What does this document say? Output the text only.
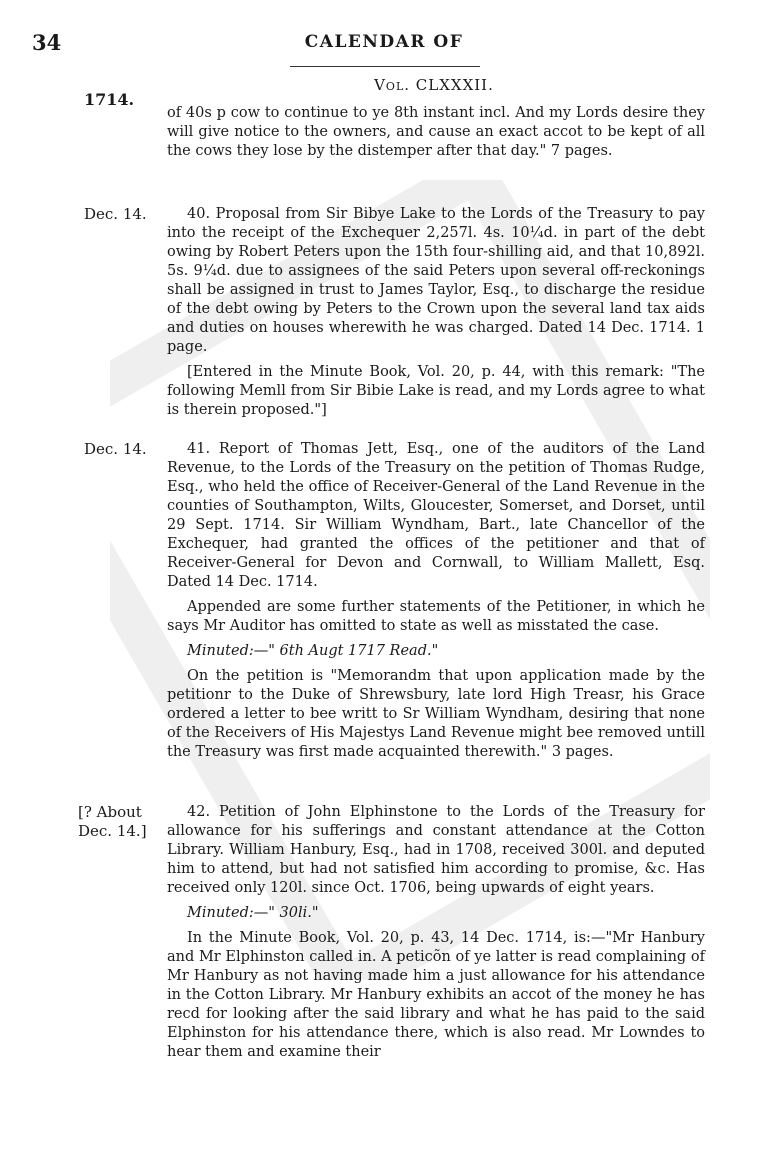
34	CALENDAR OF
Vol. CLXXXII.
1714.

of 40s p cow to continue to ye 8th instant incl. And my Lords desire they will give notice to the owners, and cause an exact accot to be kept of all the cows they lose by the distemper after that day." 7 pages.

Dec. 14.	40. Proposal from Sir Bibye Lake to the Lords of the Treasury to pay into the receipt of the Exchequer 2,257l. 4s. 10¼d. in part of the debt owing by Robert Peters upon the 15th four-shilling aid, and that 10,892l. 5s. 9¼d. due to assignees of the said Peters upon several off-reckonings shall be assigned in trust to James Taylor, Esq., to discharge the residue of the debt owing by Peters to the Crown upon the several land tax aids and duties on houses wherewith he was charged. Dated 14 Dec. 1714. 1 page.

[Entered in the Minute Book, Vol. 20, p. 44, with this remark: "The following Memll from Sir Bibie Lake is read, and my Lords agree to what is therein proposed."]

Dec. 14.	41. Report of Thomas Jett, Esq., one of the auditors of the Land Revenue, to the Lords of the Treasury on the petition of Thomas Rudge, Esq., who held the office of Receiver-General of the Land Revenue in the counties of Southampton, Wilts, Gloucester, Somerset, and Dorset, until 29 Sept. 1714. Sir William Wyndham, Bart., late Chancellor of the Exchequer, had granted the offices of the petitioner and that of Receiver-General for Devon and Cornwall, to William Mallett, Esq. Dated 14 Dec. 1714.

Appended are some further statements of the Petitioner, in which he says Mr Auditor has omitted to state as well as misstated the case.

Minuted:—" 6th Augt 1717 Read."

On the petition is "Memorandm that upon application made by the petitionr to the Duke of Shrewsbury, late lord High Treasr, his Grace ordered a letter to bee writt to Sr William Wyndham, desiring that none of the Receivers of His Majestys Land Revenue might bee removed untill the Treasury was first made acquainted therewith." 3 pages.

[? About Dec. 14.]

42. Petition of John Elphinstone to the Lords of the Treasury for allowance for his sufferings and constant attendance at the Cotton Library. William Hanbury, Esq., had in 1708, received 300l. and deputed him to attend, but had not satisfied him according to promise, &c. Has received only 120l. since Oct. 1706, being upwards of eight years.

Minuted:—" 30li."

In the Minute Book, Vol. 20, p. 43, 14 Dec. 1714, is:—"Mr Hanbury and Mr Elphinston called in. A peticõn of ye latter is read complaining of Mr Hanbury as not having made him a just allowance for his attendance in the Cotton Library. Mr Hanbury exhibits an accot of the money he has recd for looking after the said library and what he has paid to the said Elphinston for his attendance there, which is also read. Mr Lowndes to hear them and examine their
